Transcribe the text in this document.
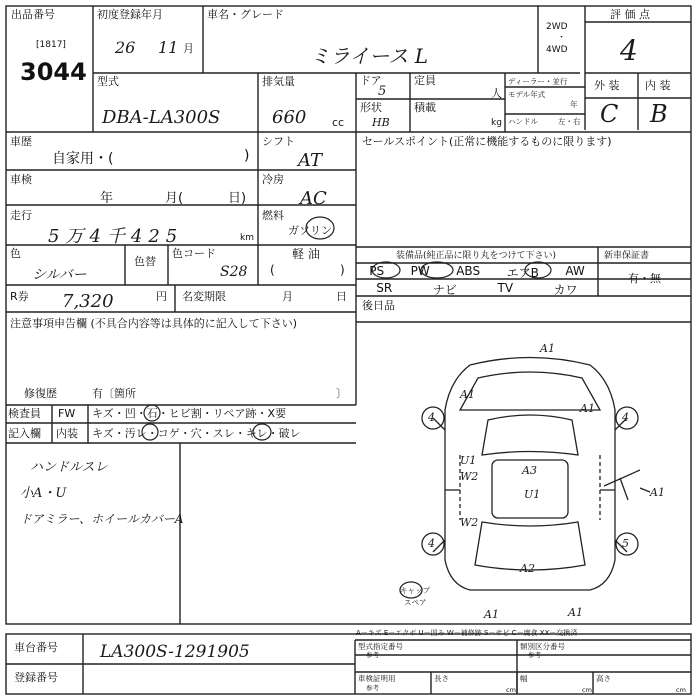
出品番号
[1817]
3044
初度登録年月
26 11 月
車名・グレード
ミライース L
2WD
・
4WD
評 価 点
4
型式
DBA-LA300S
排気量
660 cc
ドア
5
定員
人
形状
HB
積載
kg
ディーラー・並行
モデル年式
年
ハンドル	左・右
外 装 内 装
C B
車歴
自家用・(	)
シフト
AT
車検
年	月(	日)
冷房
AC
走行
5万4千425	km
燃料
ガソリン
軽 油
(	)
色
シルバー
色替
色コード
S28
R券 7,320	円 名変期限	月	日
注意事項申告欄 (不具合内容等は具体的に記入して下さい)
修復歴	有〔箇所	〕
検査員
記入欄
FW キズ・凹・石・ヒビ割・リペア跡・X要
内装 キズ・汚レ・コゲ・穴・スレ・キレ・破レ
ハンドルスレ
小A・U
ドアミラー、ホイールカバーA
セールスポイント(正常に機能するものに限ります)
装備品(純正品に限り丸をつけて下さい)	新車保証書
有・無
PS PW ABS エアB AW
SR	ナビ	TV	カワ
後日品
A1
A1
4	4
A1
U1
W2	A3
U1
W2
A1
4	5
A2
A1	A1
キャップ
スペア
A－キズ E－エクボ U－凹み W－補修跡 S－サビ C－腐食 XX－交換済
車台番号 LA300S-1291905
登録番号
型式指定番号
参考
類別区分番号
参考
車検証明用
参考
長さ
cm
幅
cm
高さ
cm
